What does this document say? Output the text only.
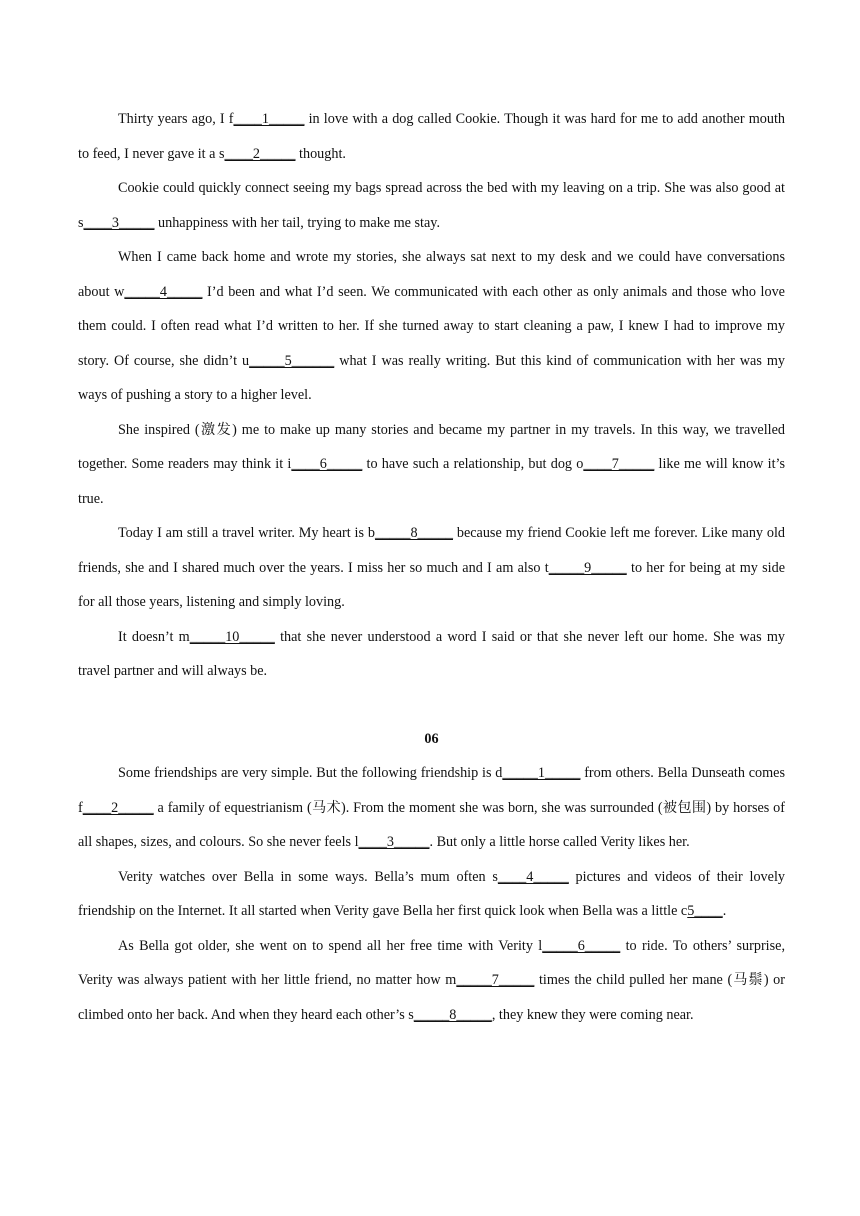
Thirty years ago, I f____1_____ in love with a dog called Cookie. Though it was hard for me to add another mouth to feed, I never gave it a s____2_____ thought.

Cookie could quickly connect seeing my bags spread across the bed with my leaving on a trip. She was also good at s____3_____ unhappiness with her tail, trying to make me stay.

When I came back home and wrote my stories, she always sat next to my desk and we could have conversations about w_____4_____ I’d been and what I’d seen. We communicated with each other as only animals and those who love them could. I often read what I’d written to her. If she turned away to start cleaning a paw, I knew I had to improve my story. Of course, she didn’t u_____5______ what I was really writing. But this kind of communication with her was my ways of pushing a story to a higher level.

She inspired (激发) me to make up many stories and became my partner in my travels. In this way, we travelled together. Some readers may think it i____6_____ to have such a relationship, but dog o____7_____ like me will know it’s true.

Today I am still a travel writer. My heart is b_____8_____ because my friend Cookie left me forever. Like many old friends, she and I shared much over the years. I miss her so much and I am also t_____9_____ to her for being at my side for all those years, listening and simply loving.

It doesn’t m_____10_____ that she never understood a word I said or that she never left our home. She was my travel partner and will always be.

06

Some friendships are very simple. But the following friendship is d_____1_____ from others. Bella Dunseath comes f____2_____ a family of equestrianism (马术). From the moment she was born, she was surrounded (被包围) by horses of all shapes, sizes, and colours. So she never feels l____3_____. But only a little horse called Verity likes her.

Verity watches over Bella in some ways. Bella’s mum often s____4_____ pictures and videos of their lovely friendship on the Internet. It all started when Verity gave Bella her first quick look when Bella was a little c5____.

As Bella got older, she went on to spend all her free time with Verity l_____6_____ to ride. To others’ surprise, Verity was always patient with her little friend, no matter how m_____7_____ times the child pulled her mane (马鬃) or climbed onto her back. And when they heard each other’s s_____8_____, they knew they were coming near.
